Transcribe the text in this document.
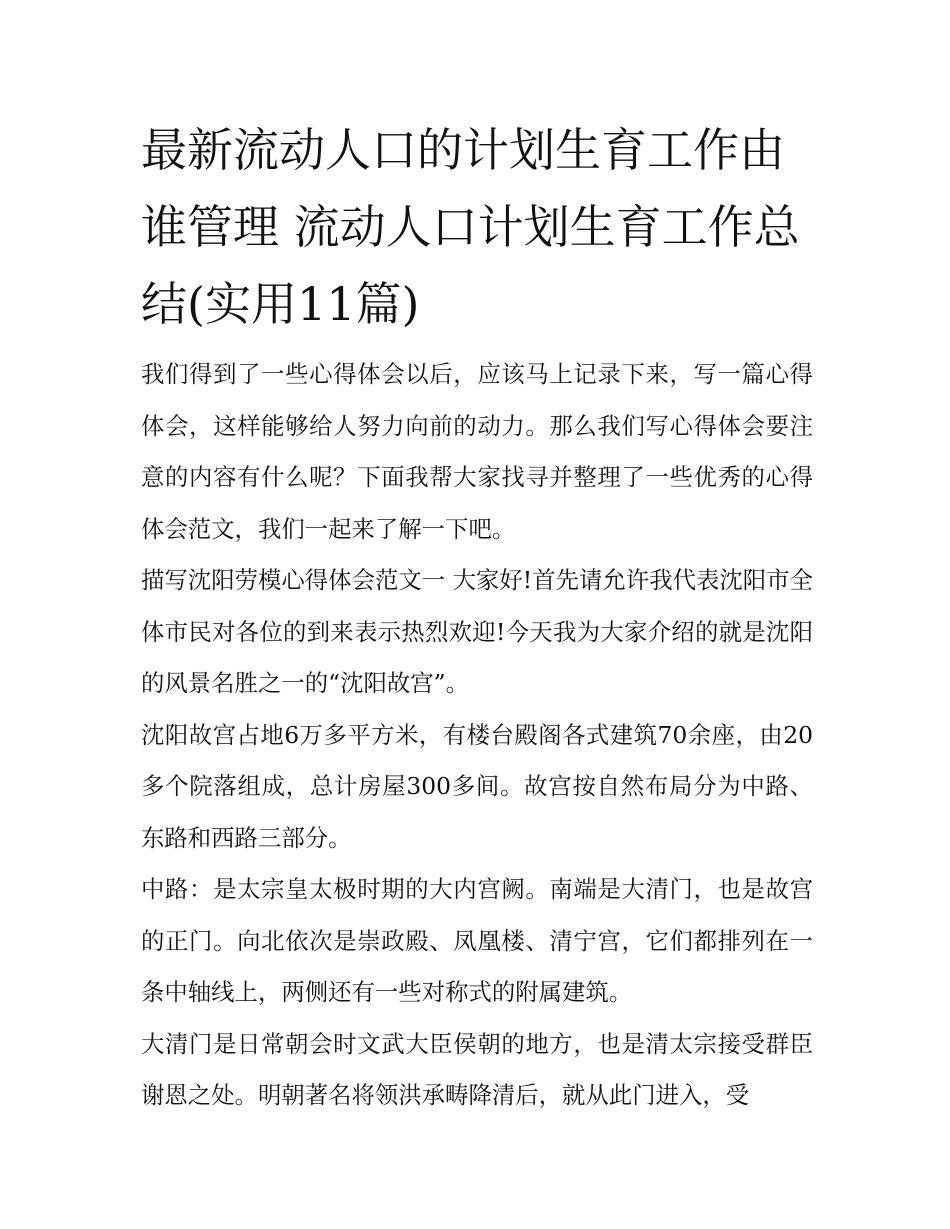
最新流动人口的计划生育工作由谁管理 流动人口计划生育工作总结(实用11篇)

我们得到了一些心得体会以后，应该马上记录下来，写一篇心得体会，这样能够给人努力向前的动力。那么我们写心得体会要注意的内容有什么呢？下面我帮大家找寻并整理了一些优秀的心得体会范文，我们一起来了解一下吧。

描写沈阳劳模心得体会范文一 大家好!首先请允许我代表沈阳市全体市民对各位的到来表示热烈欢迎!今天我为大家介绍的就是沈阳的风景名胜之一的“沈阳故宫”。

沈阳故宫占地6万多平方米，有楼台殿阁各式建筑70余座，由20多个院落组成，总计房屋300多间。故宫按自然布局分为中路、东路和西路三部分。

中路：是太宗皇太极时期的大内宫阙。南端是大清门，也是故宫的正门。向北依次是崇政殿、凤凰楼、清宁宫，它们都排列在一条中轴线上，两侧还有一些对称式的附属建筑。

大清门是日常朝会时文武大臣侯朝的地方，也是清太宗接受群臣谢恩之处。明朝著名将领洪承畴降清后，就从此门进入，受
